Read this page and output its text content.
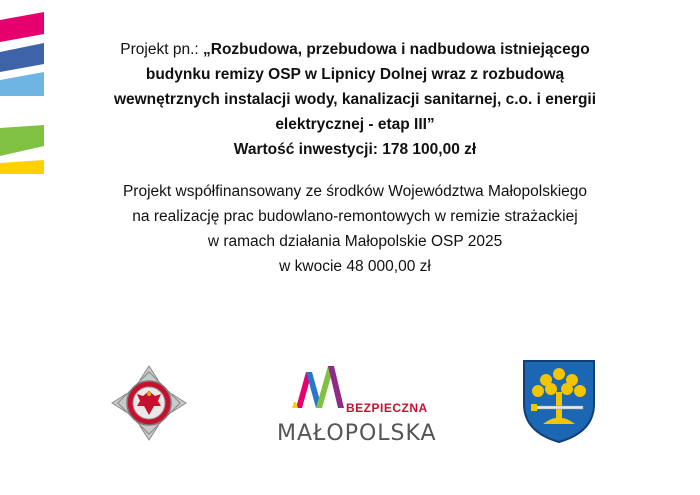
Projekt pn.: „Rozbudowa, przebudowa i nadbudowa istniejącego
budynku remizy OSP w Lipnicy Dolnej wraz z rozbudową
wewnętrznych instalacji wody, kanalizacji sanitarnej, c.o. i energii
elektrycznej - etap III”
Wartość inwestycji: 178 100,00 zł

Projekt współfinansowany ze środków Województwa Małopolskiego
na realizację prac budowlano-remontowych w remizie strażackiej
w ramach działania Małopolskie OSP 2025
w kwocie 48 000,00 zł

BEZPIECZNA
MAŁOPOLSKA
